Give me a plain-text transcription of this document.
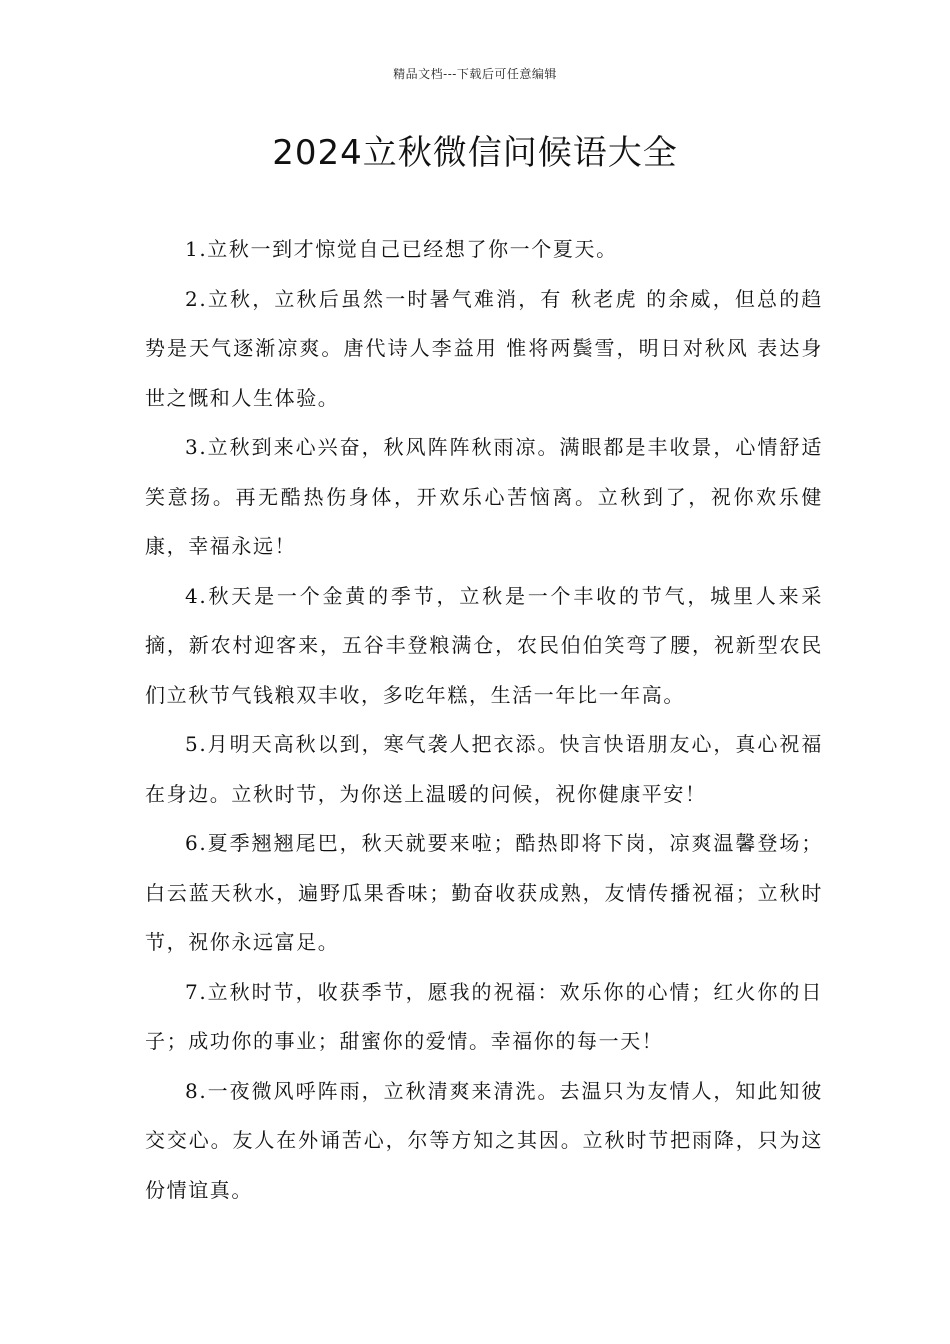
精品文档---下载后可任意编辑
2024立秋微信问候语大全

1.立秋一到才惊觉自己已经想了你一个夏天。

2.立秋，立秋后虽然一时暑气难消，有 秋老虎 的余威，但总的趋势是天气逐渐凉爽。唐代诗人李益用 惟将两鬓雪，明日对秋风 表达身世之慨和人生体验。

3.立秋到来心兴奋，秋风阵阵秋雨凉。满眼都是丰收景，心情舒适笑意扬。再无酷热伤身体，开欢乐心苦恼离。立秋到了，祝你欢乐健康，幸福永远！

4.秋天是一个金黄的季节，立秋是一个丰收的节气，城里人来采摘，新农村迎客来，五谷丰登粮满仓，农民伯伯笑弯了腰，祝新型农民们立秋节气钱粮双丰收，多吃年糕，生活一年比一年高。

5.月明天高秋以到，寒气袭人把衣添。快言快语朋友心，真心祝福在身边。立秋时节，为你送上温暖的问候，祝你健康平安！

6.夏季翘翘尾巴，秋天就要来啦；酷热即将下岗，凉爽温馨登场；白云蓝天秋水，遍野瓜果香味；勤奋收获成熟，友情传播祝福；立秋时节，祝你永远富足。

7.立秋时节，收获季节，愿我的祝福：欢乐你的心情；红火你的日子；成功你的事业；甜蜜你的爱情。幸福你的每一天！

8.一夜微风呼阵雨，立秋清爽来清洗。去温只为友情人，知此知彼交交心。友人在外诵苦心，尔等方知之其因。立秋时节把雨降，只为这份情谊真。
